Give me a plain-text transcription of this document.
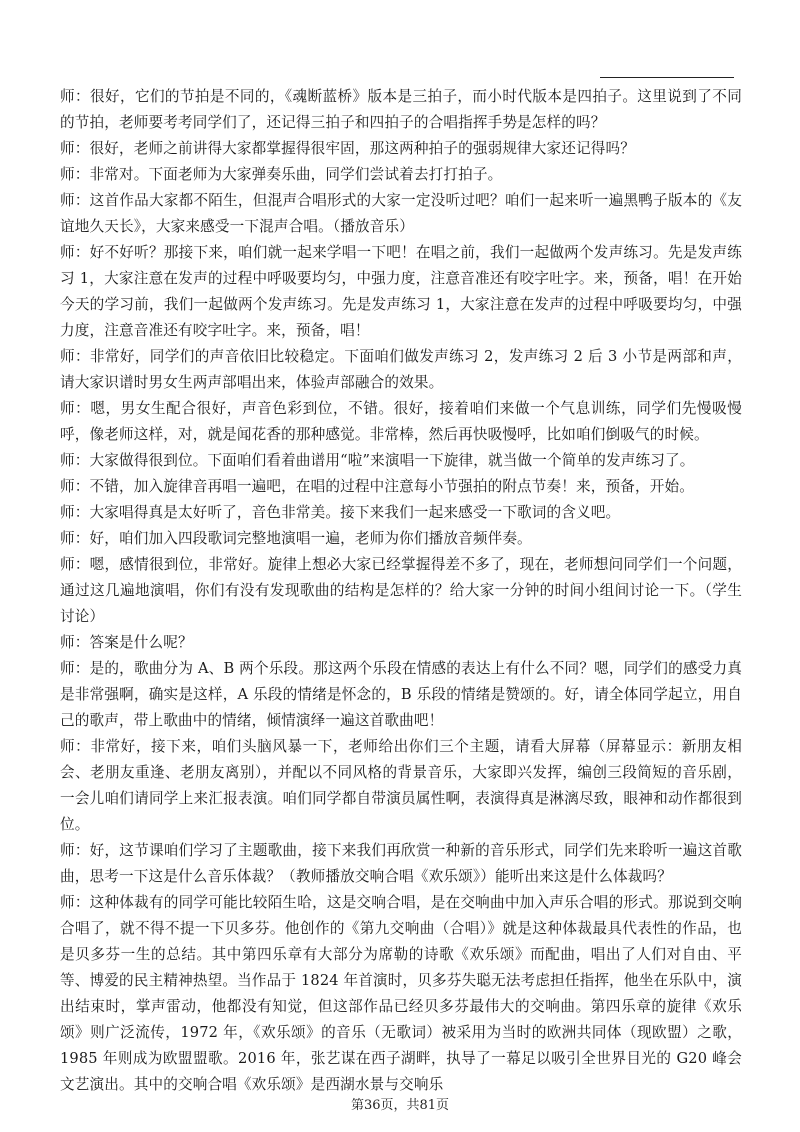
师：很好，它们的节拍是不同的，《魂断蓝桥》版本是三拍子，而小时代版本是四拍子。这里说到了不同的节拍，老师要考考同学们了，还记得三拍子和四拍子的合唱指挥手势是怎样的吗？

师：很好，老师之前讲得大家都掌握得很牢固，那这两种拍子的强弱规律大家还记得吗？

师：非常对。下面老师为大家弹奏乐曲，同学们尝试着去打打拍子。

师：这首作品大家都不陌生，但混声合唱形式的大家一定没听过吧？咱们一起来听一遍黑鸭子版本的《友谊地久天长》，大家来感受一下混声合唱。（播放音乐）

师：好不好听？那接下来，咱们就一起来学唱一下吧！在唱之前，我们一起做两个发声练习。先是发声练习 1，大家注意在发声的过程中呼吸要均匀，中强力度，注意音准还有咬字吐字。来，预备，唱！在开始今天的学习前，我们一起做两个发声练习。先是发声练习 1，大家注意在发声的过程中呼吸要均匀，中强力度，注意音准还有咬字吐字。来，预备，唱！

师：非常好，同学们的声音依旧比较稳定。下面咱们做发声练习 2，发声练习 2 后 3 小节是两部和声，请大家识谱时男女生两声部唱出来，体验声部融合的效果。

师：嗯，男女生配合很好，声音色彩到位，不错。很好，接着咱们来做一个气息训练，同学们先慢吸慢呼，像老师这样，对，就是闻花香的那种感觉。非常棒，然后再快吸慢呼，比如咱们倒吸气的时候。

师：大家做得很到位。下面咱们看着曲谱用“啦”来演唱一下旋律，就当做一个简单的发声练习了。

师：不错，加入旋律音再唱一遍吧，在唱的过程中注意每小节强拍的附点节奏！来，预备，开始。

师：大家唱得真是太好听了，音色非常美。接下来我们一起来感受一下歌词的含义吧。

师：好，咱们加入四段歌词完整地演唱一遍，老师为你们播放音频伴奏。

师：嗯，感情很到位，非常好。旋律上想必大家已经掌握得差不多了，现在，老师想问同学们一个问题，通过这几遍地演唱，你们有没有发现歌曲的结构是怎样的？给大家一分钟的时间小组间讨论一下。（学生讨论）

师：答案是什么呢？

师：是的，歌曲分为 A、B 两个乐段。那这两个乐段在情感的表达上有什么不同？嗯，同学们的感受力真是非常强啊，确实是这样，A 乐段的情绪是怀念的，B 乐段的情绪是赞颂的。好，请全体同学起立，用自己的歌声，带上歌曲中的情绪，倾情演绎一遍这首歌曲吧！

师：非常好，接下来，咱们头脑风暴一下，老师给出你们三个主题，请看大屏幕（屏幕显示：新朋友相会、老朋友重逢、老朋友离别），并配以不同风格的背景音乐，大家即兴发挥，编创三段简短的音乐剧，一会儿咱们请同学上来汇报表演。咱们同学都自带演员属性啊，表演得真是淋漓尽致，眼神和动作都很到位。

师：好，这节课咱们学习了主题歌曲，接下来我们再欣赏一种新的音乐形式，同学们先来聆听一遍这首歌曲，思考一下这是什么音乐体裁？（教师播放交响合唱《欢乐颂》）能听出来这是什么体裁吗？

师：这种体裁有的同学可能比较陌生哈，这是交响合唱，是在交响曲中加入声乐合唱的形式。那说到交响合唱了，就不得不提一下贝多芬。他创作的《第九交响曲（合唱）》就是这种体裁最具代表性的作品，也是贝多芬一生的总结。其中第四乐章有大部分为席勒的诗歌《欢乐颂》而配曲，唱出了人们对自由、平等、博爱的民主精神热望。当作品于 1824 年首演时，贝多芬失聪无法考虑担任指挥，他坐在乐队中，演出结束时，掌声雷动，他都没有知觉，但这部作品已经贝多芬最伟大的交响曲。第四乐章的旋律《欢乐颂》则广泛流传，1972 年，《欢乐颂》的音乐（无歌词）被采用为当时的欧洲共同体（现欧盟）之歌，1985 年则成为欧盟盟歌。2016 年，张艺谋在西子湖畔，执导了一幕足以吸引全世界目光的 G20 峰会文艺演出。其中的交响合唱《欢乐颂》是西湖水景与交响乐

第36页，共81页
